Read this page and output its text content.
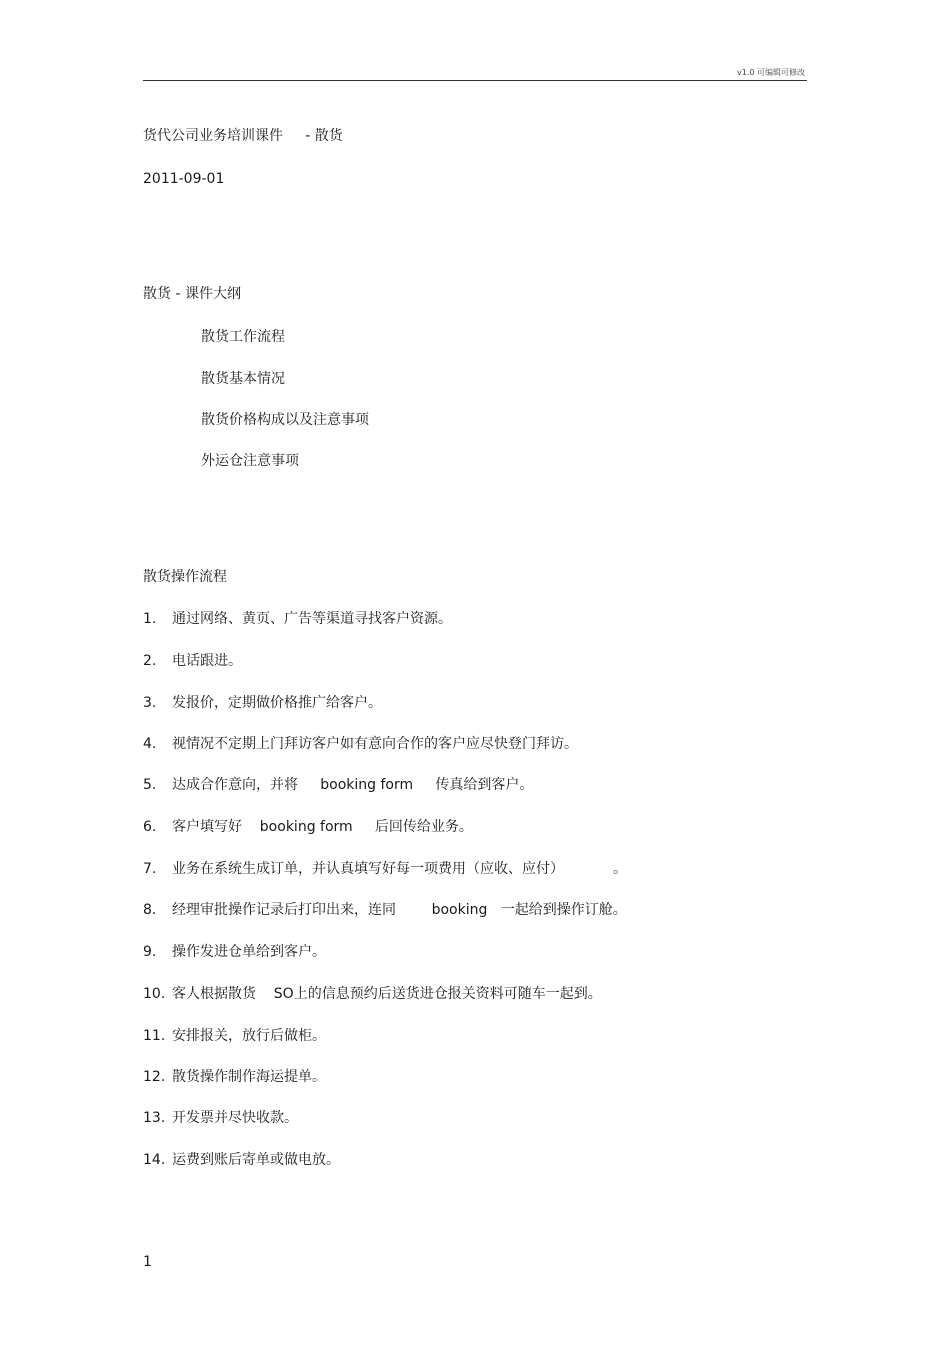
v1.0 可编辑可修改
货代公司业务培训课件     - 散货
2011-09-01
散货 - 课件大纲
散货工作流程
散货基本情况
散货价格构成以及注意事项
外运仓注意事项
散货操作流程
1. 通过网络、黄页、广告等渠道寻找客户资源。
2. 电话跟进。
3. 发报价，定期做价格推广给客户。
4. 视情况不定期上门拜访客户如有意向合作的客户应尽快登门拜访。
5. 达成合作意向，并将     booking form     传真给到客户。
6. 客户填写好    booking form     后回传给业务。
7. 业务在系统生成订单，并认真填写好每一项费用（应收、应付）           。
8. 经理审批操作记录后打印出来，连同        booking   一起给到操作订舱。
9. 操作发进仓单给到客户。
10. 客人根据散货    SO上的信息预约后送货进仓报关资料可随车一起到。
11. 安排报关，放行后做柜。
12. 散货操作制作海运提单。
13. 开发票并尽快收款。
14. 运费到账后寄单或做电放。
1
